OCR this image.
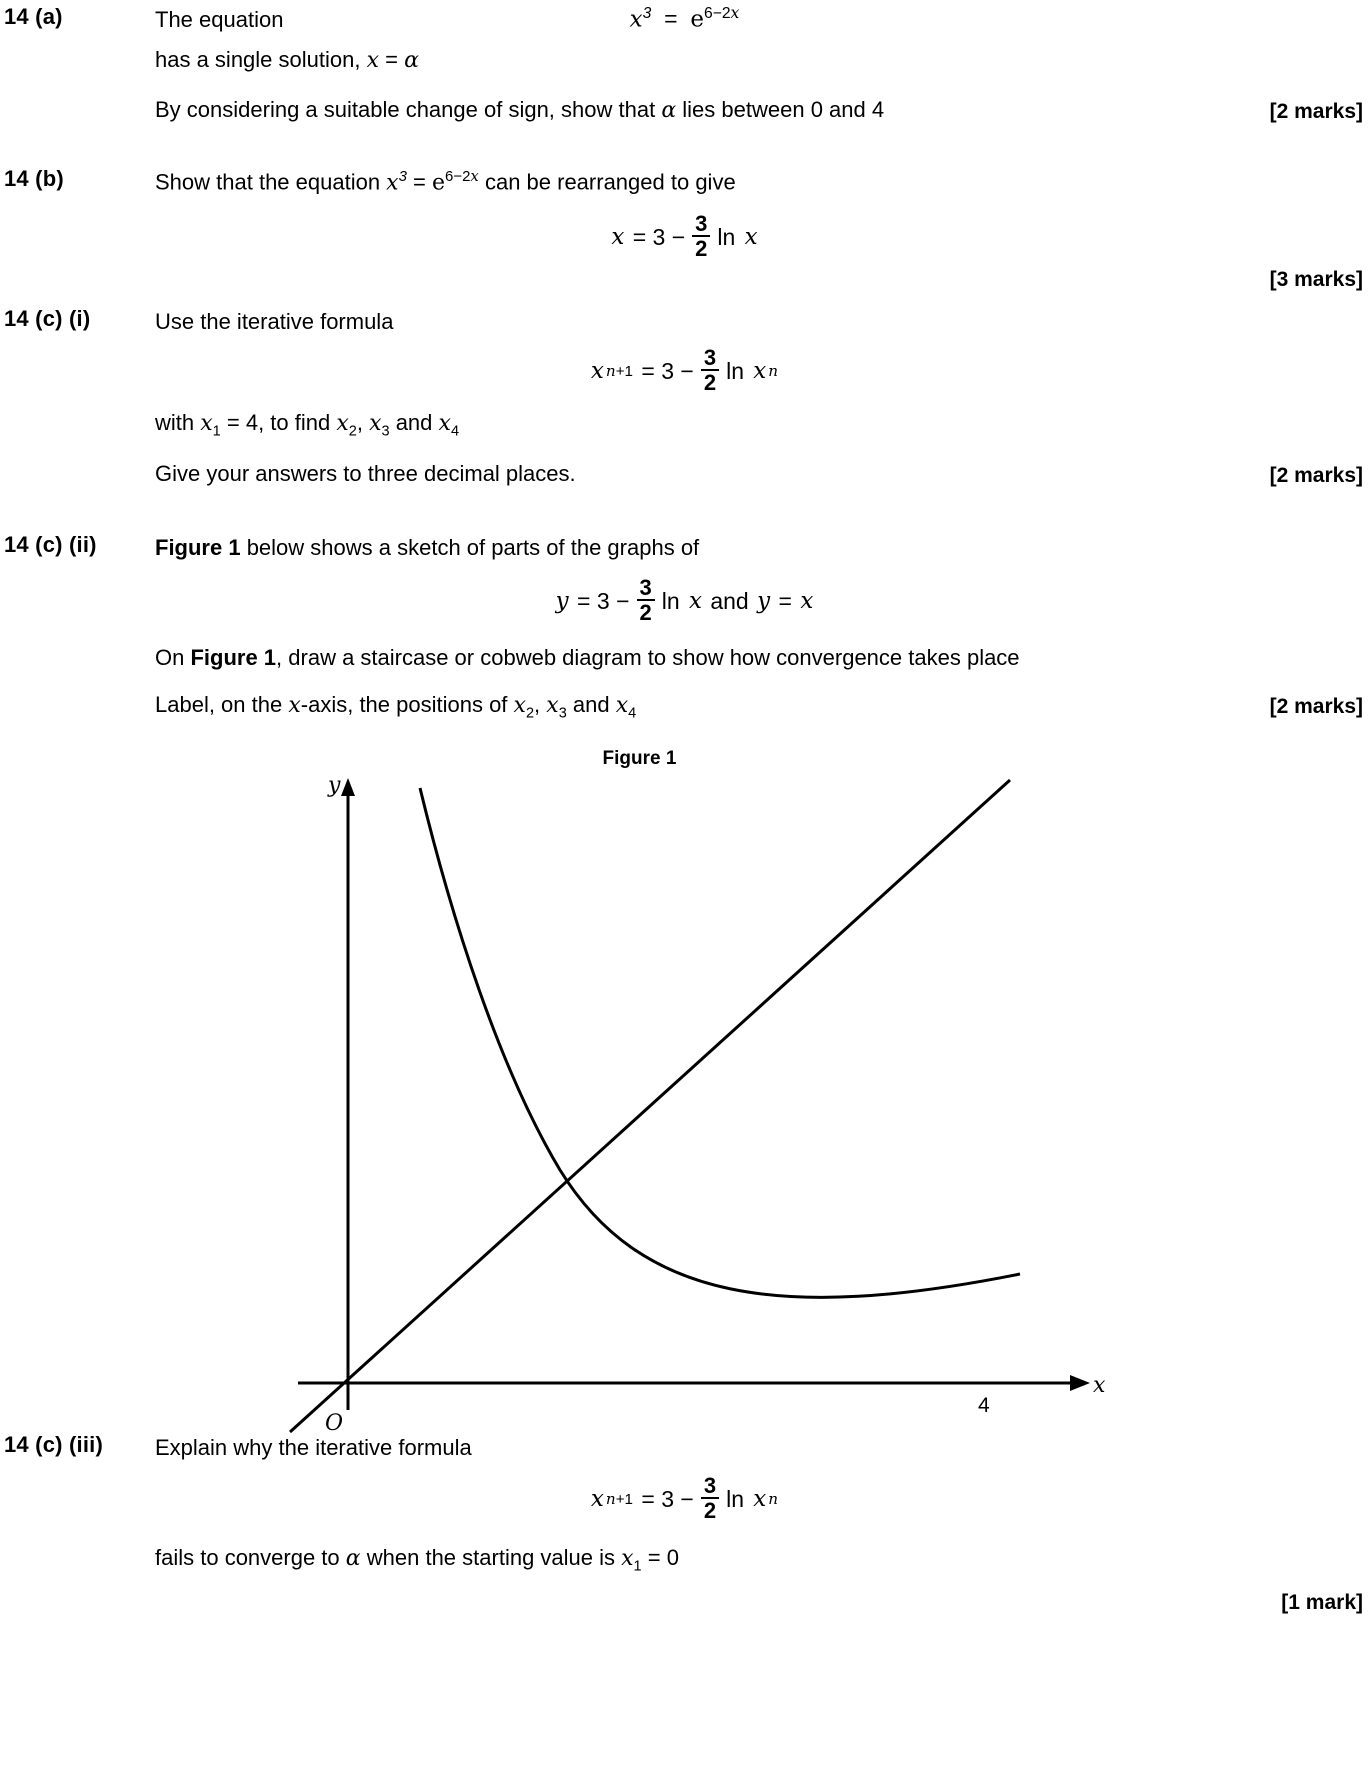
14 (a)	The equation	$x^3 = e^{6-2x}$
has a single solution, x = α
By considering a suitable change of sign, show that α lies between 0 and 4	[2 marks]
14 (b)	Show that the equation $x^3 = e^{6-2x}$ can be rearranged to give
$x = 3 - \frac{3}{2}$ ln x
[3 marks]
14 (c) (i)	Use the iterative formula
x $n+1 = 3 - \frac{3}{2}$ ln x n
with $x_1 = 4$, to find $x_2$, $x_3$ and $x_4$
Give your answers to three decimal places.	[2 marks]
14 (c) (ii)	Figure 1 below shows a sketch of parts of the graphs of
$y = 3 - \frac{3}{2}$ ln x and y = x
On Figure 1, draw a staircase or cobweb diagram to show how convergence takes place
Label, on the x-axis, the positions of $x_2$, $x_3$ and $x_4$	[2 marks]
Figure 1
y
x
O
4
14 (c) (iii)	Explain why the iterative formula
x $n+1 = 3 - \frac{3}{2}$ ln x n
fails to converge to α when the starting value is $x_1 = 0$
[1 mark]
